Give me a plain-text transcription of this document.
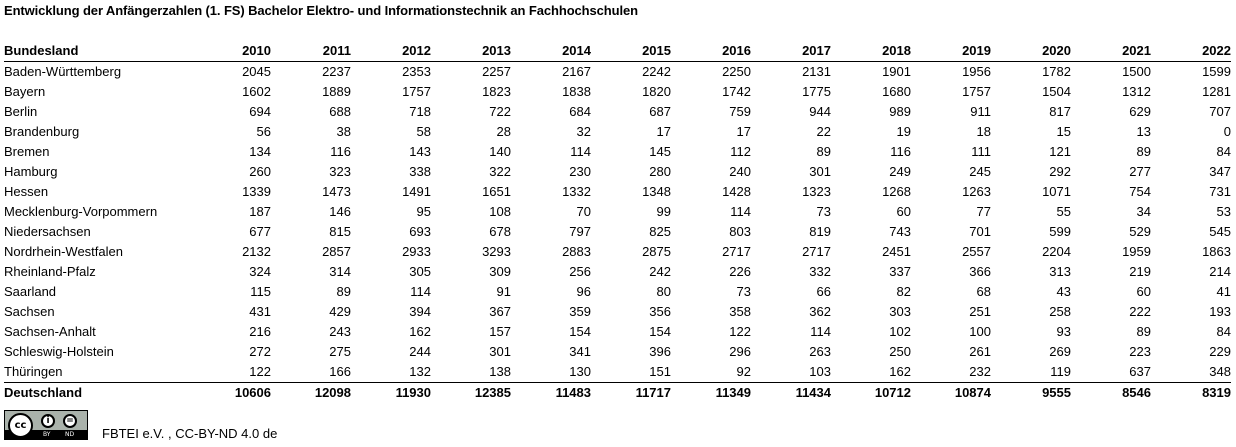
Entwicklung der Anfängerzahlen (1. FS) Bachelor Elektro- und Informationstechnik an Fachhochschulen
Bundesland	2010	2011	2012	2013	2014	2015	2016	2017	2018	2019	2020	2021	2022
Baden-Württemberg	2045	2237	2353	2257	2167	2242	2250	2131	1901	1956	1782	1500	1599
Bayern	1602	1889	1757	1823	1838	1820	1742	1775	1680	1757	1504	1312	1281
Berlin	694	688	718	722	684	687	759	944	989	911	817	629	707
Brandenburg	56	38	58	28	32	17	17	22	19	18	15	13	0
Bremen	134	116	143	140	114	145	112	89	116	111	121	89	84
Hamburg	260	323	338	322	230	280	240	301	249	245	292	277	347
Hessen	1339	1473	1491	1651	1332	1348	1428	1323	1268	1263	1071	754	731
Mecklenburg-Vorpommern	187	146	95	108	70	99	114	73	60	77	55	34	53
Niedersachsen	677	815	693	678	797	825	803	819	743	701	599	529	545
Nordrhein-Westfalen	2132	2857	2933	3293	2883	2875	2717	2717	2451	2557	2204	1959	1863
Rheinland-Pfalz	324	314	305	309	256	242	226	332	337	366	313	219	214
Saarland	115	89	114	91	96	80	73	66	82	68	43	60	41
Sachsen	431	429	394	367	359	356	358	362	303	251	258	222	193
Sachsen-Anhalt	216	243	162	157	154	154	122	114	102	100	93	89	84
Schleswig-Holstein	272	275	244	301	341	396	296	263	250	261	269	223	229
Thüringen	122	166	132	138	130	151	92	103	162	232	119	637	348
Deutschland	10606	12098	11930	12385	11483	11717	11349	11434	10712	10874	9555	8546	8319
cc	i	=
BY ND FBTEI e.V. , CC-BY-ND 4.0 de
